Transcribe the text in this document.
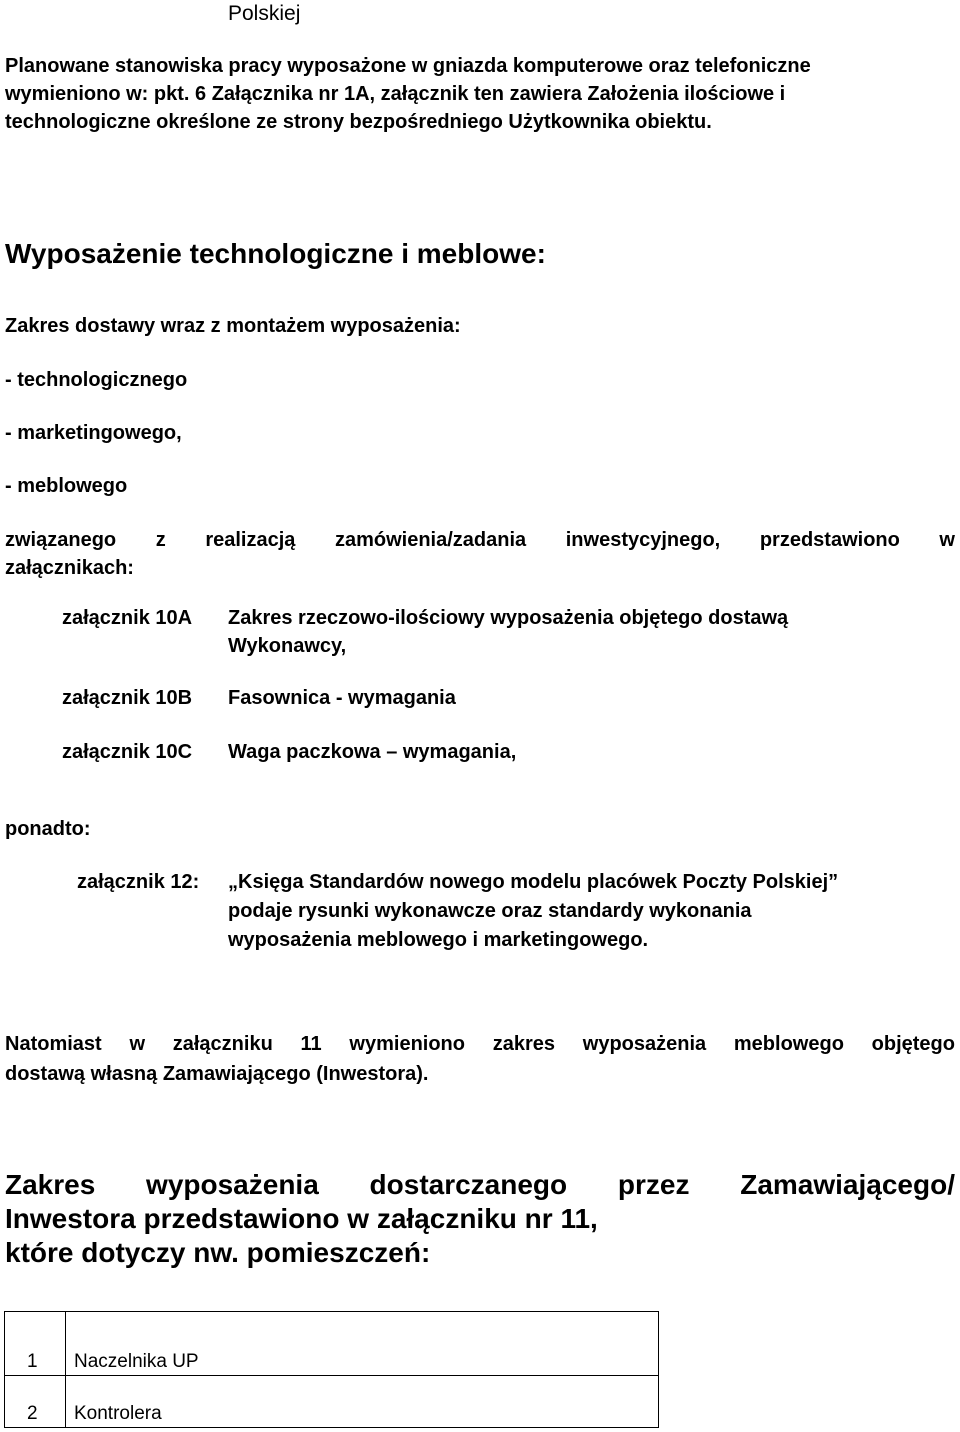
Polskiej
Planowane stanowiska pracy wyposażone w gniazda komputerowe oraz telefoniczne
wymieniono w: pkt. 6 Załącznika nr 1A, załącznik ten zawiera Założenia ilościowe i
technologiczne określone ze strony bezpośredniego Użytkownika obiektu.
Wyposażenie technologiczne i meblowe:
Zakres dostawy wraz z montażem wyposażenia:
- technologicznego
- marketingowego,
- meblowego
związanego z realizacją zamówienia/zadania inwestycyjnego, przedstawiono w
załącznikach:
załącznik 10A Zakres rzeczowo-ilościowy wyposażenia objętego dostawą
Wykonawcy,
załącznik 10B Fasownica - wymagania
załącznik 10C Waga paczkowa – wymagania,
ponadto:
załącznik 12: „Księga Standardów nowego modelu placówek Poczty Polskiej”
podaje rysunki wykonawcze oraz standardy wykonania
wyposażenia meblowego i marketingowego.
Natomiast w załączniku 11 wymieniono zakres wyposażenia meblowego objętego
dostawą własną Zamawiającego (Inwestora).
Zakres wyposażenia dostarczanego przez Zamawiającego/
Inwestora przedstawiono w załączniku nr 11,
które dotyczy nw. pomieszczeń:
1	Naczelnika UP
2	Kontrolera
